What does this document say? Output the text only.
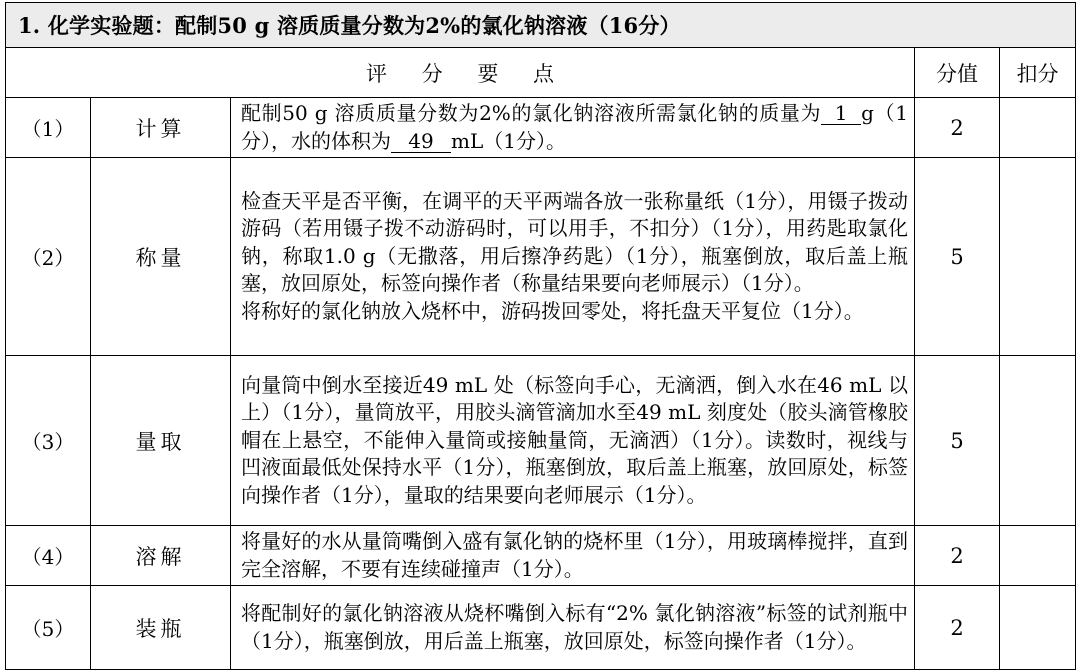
1. 化学实验题：配制50 g 溶质质量分数为2%的氯化钠溶液（16分）				
评 分 要 点			分值	扣分
（1）	计算	配制50 g 溶质质量分数为2%的氯化钠溶液所需氯化钠的质量为 1 g（1分），水的体积为 49 mL（1分）。	2	
（2）	称量	检查天平是否平衡，在调平的天平两端各放一张称量纸（1分），用镊子拨动游码（若用镊子拨不动游码时，可以用手，不扣分）（1分），用药匙取氯化钠，称取1.0 g（无撒落，用后擦净药匙）（1分），瓶塞倒放，取后盖上瓶塞，放回原处，标签向操作者（称量结果要向老师展示）（1分）。
将称好的氯化钠放入烧杯中，游码拨回零处，将托盘天平复位（1分）。	5	
（3）	量取	向量筒中倒水至接近49 mL 处（标签向手心，无滴洒，倒入水在46 mL 以上）（1分），量筒放平，用胶头滴管滴加水至49 mL 刻度处（胶头滴管橡胶帽在上悬空，不能伸入量筒或接触量筒，无滴洒）（1分）。读数时，视线与凹液面最低处保持水平（1分），瓶塞倒放，取后盖上瓶塞，放回原处，标签向操作者（1分），量取的结果要向老师展示（1分）。	5	
（4）	溶解	将量好的水从量筒嘴倒入盛有氯化钠的烧杯里（1分），用玻璃棒搅拌，直到完全溶解，不要有连续碰撞声（1分）。	2	
（5）	装瓶	将配制好的氯化钠溶液从烧杯嘴倒入标有“2% 氯化钠溶液”标签的试剂瓶中（1分），瓶塞倒放，用后盖上瓶塞，放回原处，标签向操作者（1分）。	2	
